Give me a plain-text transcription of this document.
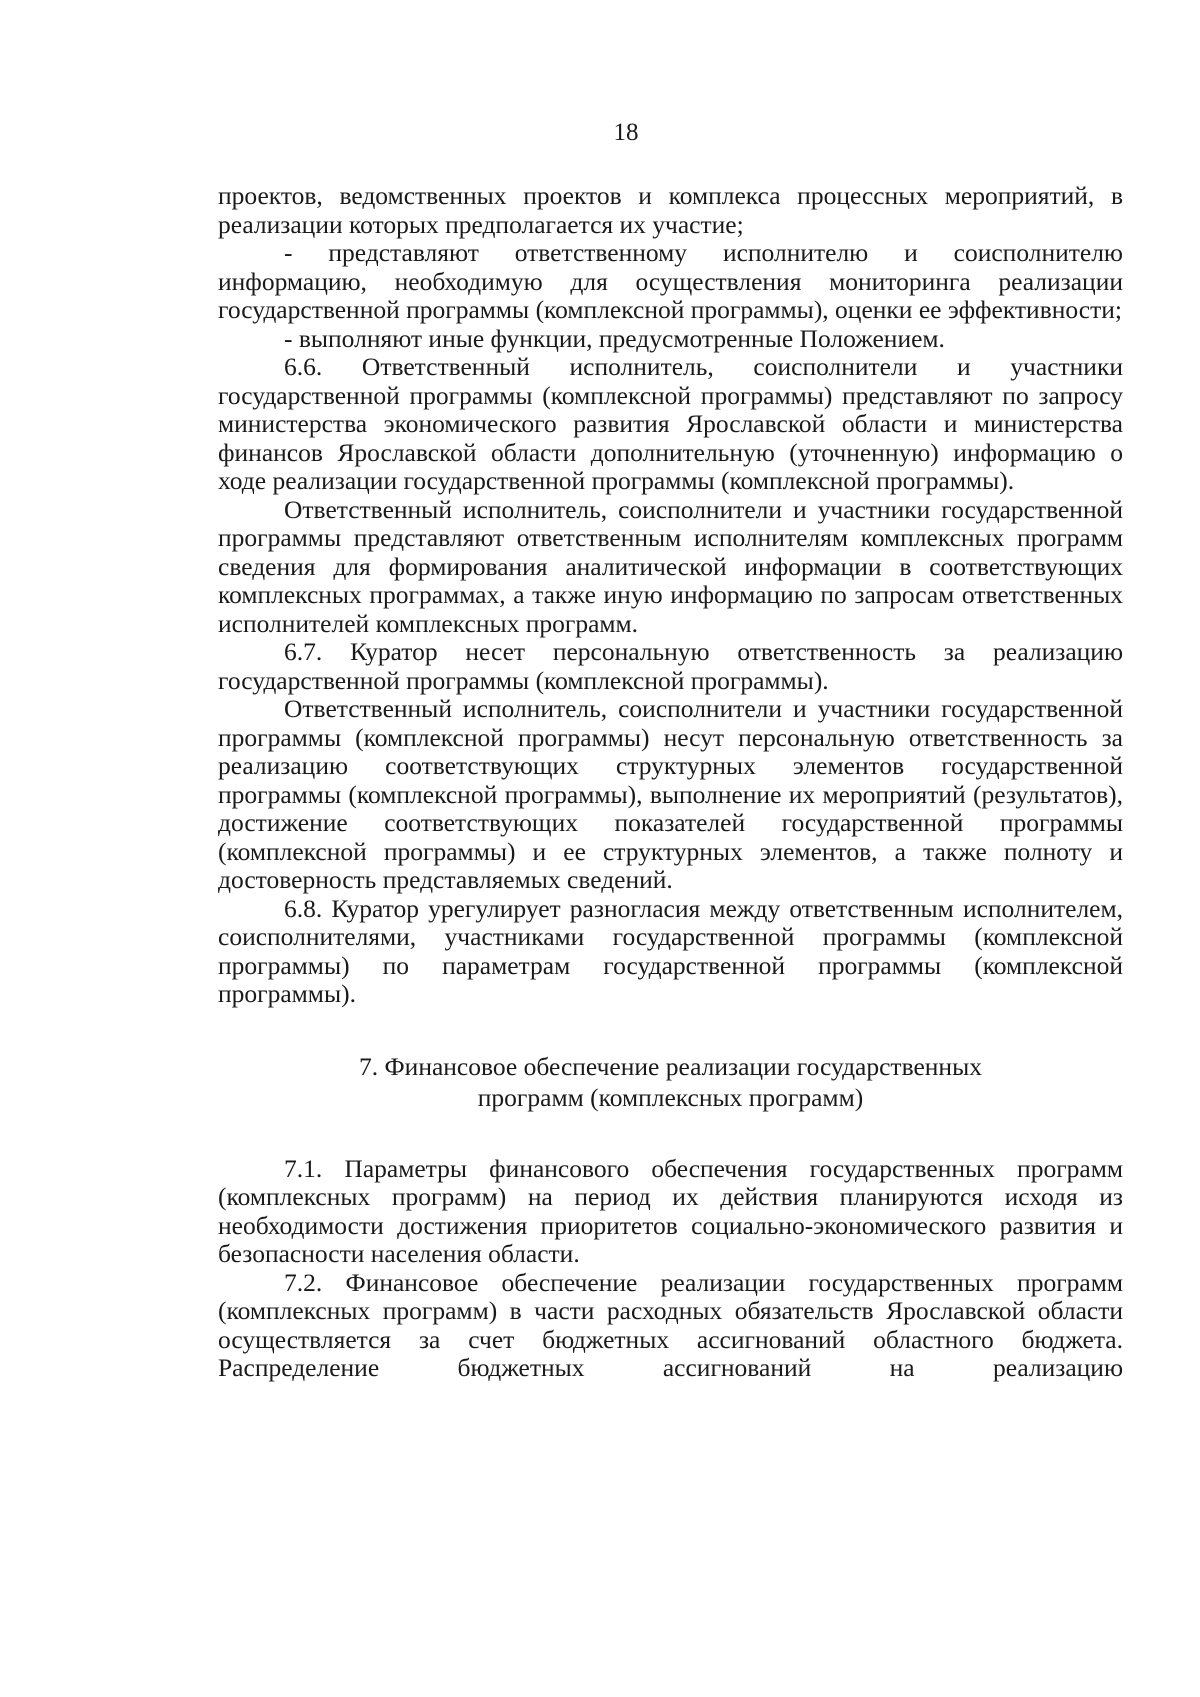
18

проектов, ведомственных проектов и комплекса процессных мероприятий, в реализации которых предполагается их участие;

- представляют ответственному исполнителю и соисполнителю информацию, необходимую для осуществления мониторинга реализации государственной программы (комплексной программы), оценки ее эффективности;

- выполняют иные функции, предусмотренные Положением.

6.6. Ответственный исполнитель, соисполнители и участники государственной программы (комплексной программы) представляют по запросу министерства экономического развития Ярославской области и министерства финансов Ярославской области дополнительную (уточненную) информацию о ходе реализации государственной программы (комплексной программы).

Ответственный исполнитель, соисполнители и участники государственной программы представляют ответственным исполнителям комплексных программ сведения для формирования аналитической информации в соответствующих комплексных программах, а также иную информацию по запросам ответственных исполнителей комплексных программ.

6.7. Куратор несет персональную ответственность за реализацию государственной программы (комплексной программы).

Ответственный исполнитель, соисполнители и участники государственной программы (комплексной программы) несут персональную ответственность за реализацию соответствующих структурных элементов государственной программы (комплексной программы), выполнение их мероприятий (результатов), достижение соответствующих показателей государственной программы (комплексной программы) и ее структурных элементов, а также полноту и достоверность представляемых сведений.

6.8. Куратор урегулирует разногласия между ответственным исполнителем, соисполнителями, участниками государственной программы (комплексной программы) по параметрам государственной программы (комплексной программы).

7. Финансовое обеспечение реализации государственных
программ (комплексных программ)

7.1. Параметры финансового обеспечения государственных программ (комплексных программ) на период их действия планируются исходя из необходимости достижения приоритетов социально-экономического развития и безопасности населения области.

7.2. Финансовое обеспечение реализации государственных программ (комплексных программ) в части расходных обязательств Ярославской области осуществляется за счет бюджетных ассигнований областного бюджета. Распределение бюджетных ассигнований на реализацию
